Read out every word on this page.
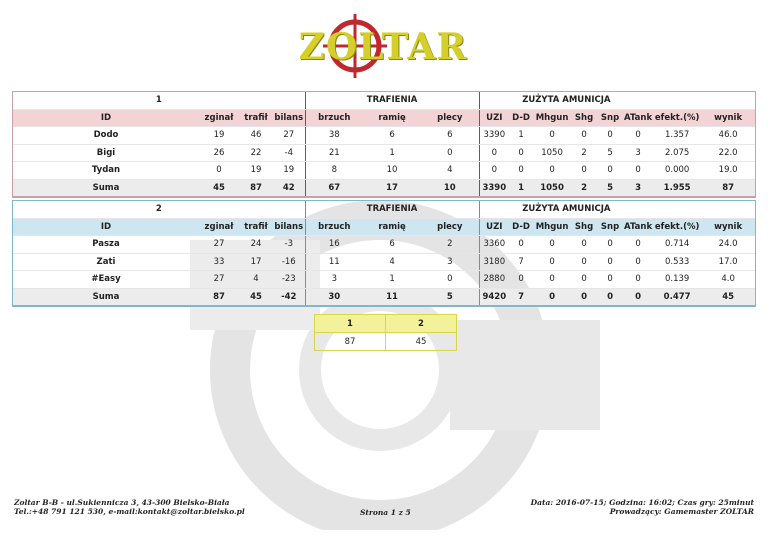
ZOLTAR
1				TRAFIENIA			ZUŻYTA AMUNICJA							
ID	zginał	trafił	bilans	brzuch	ramię	plecy	UZI	D-D	Mhgun	Shg	Snp	ATank	efekt.(%)	wynik
Dodo	19	46	27	38	6	6	3390	1	0	0	0	0	1.357	46.0
Bigi	26	22	-4	21	1	0	0	0	1050	2	5	3	2.075	22.0
Tydan	0	19	19	8	10	4	0	0	0	0	0	0	0.000	19.0
Suma	45	87	42	67	17	10	3390	1	1050	2	5	3	1.955	87
2				TRAFIENIA			ZUŻYTA AMUNICJA							
ID	zginał	trafił	bilans	brzuch	ramię	plecy	UZI	D-D	Mhgun	Shg	Snp	ATank	efekt.(%)	wynik
Pasza	27	24	-3	16	6	2	3360	0	0	0	0	0	0.714	24.0
Zati	33	17	-16	11	4	3	3180	7	0	0	0	0	0.533	17.0
#Easy	27	4	-23	3	1	0	2880	0	0	0	0	0	0.139	4.0
Suma	87	45	-42	30	11	5	9420	7	0	0	0	0	0.477	45
1	2
87	45
Zoltar B-B - ul.Sukiennicza 3, 43-300 Bielsko-Biała
Tel.:+48 791 121 530, e-mail:kontakt@zoltar.bielsko.pl	Strona 1 z 5
Data: 2016-07-15; Godzina: 16:02; Czas gry: 25minut
Prowadzący: Gamemaster ZOLTAR
